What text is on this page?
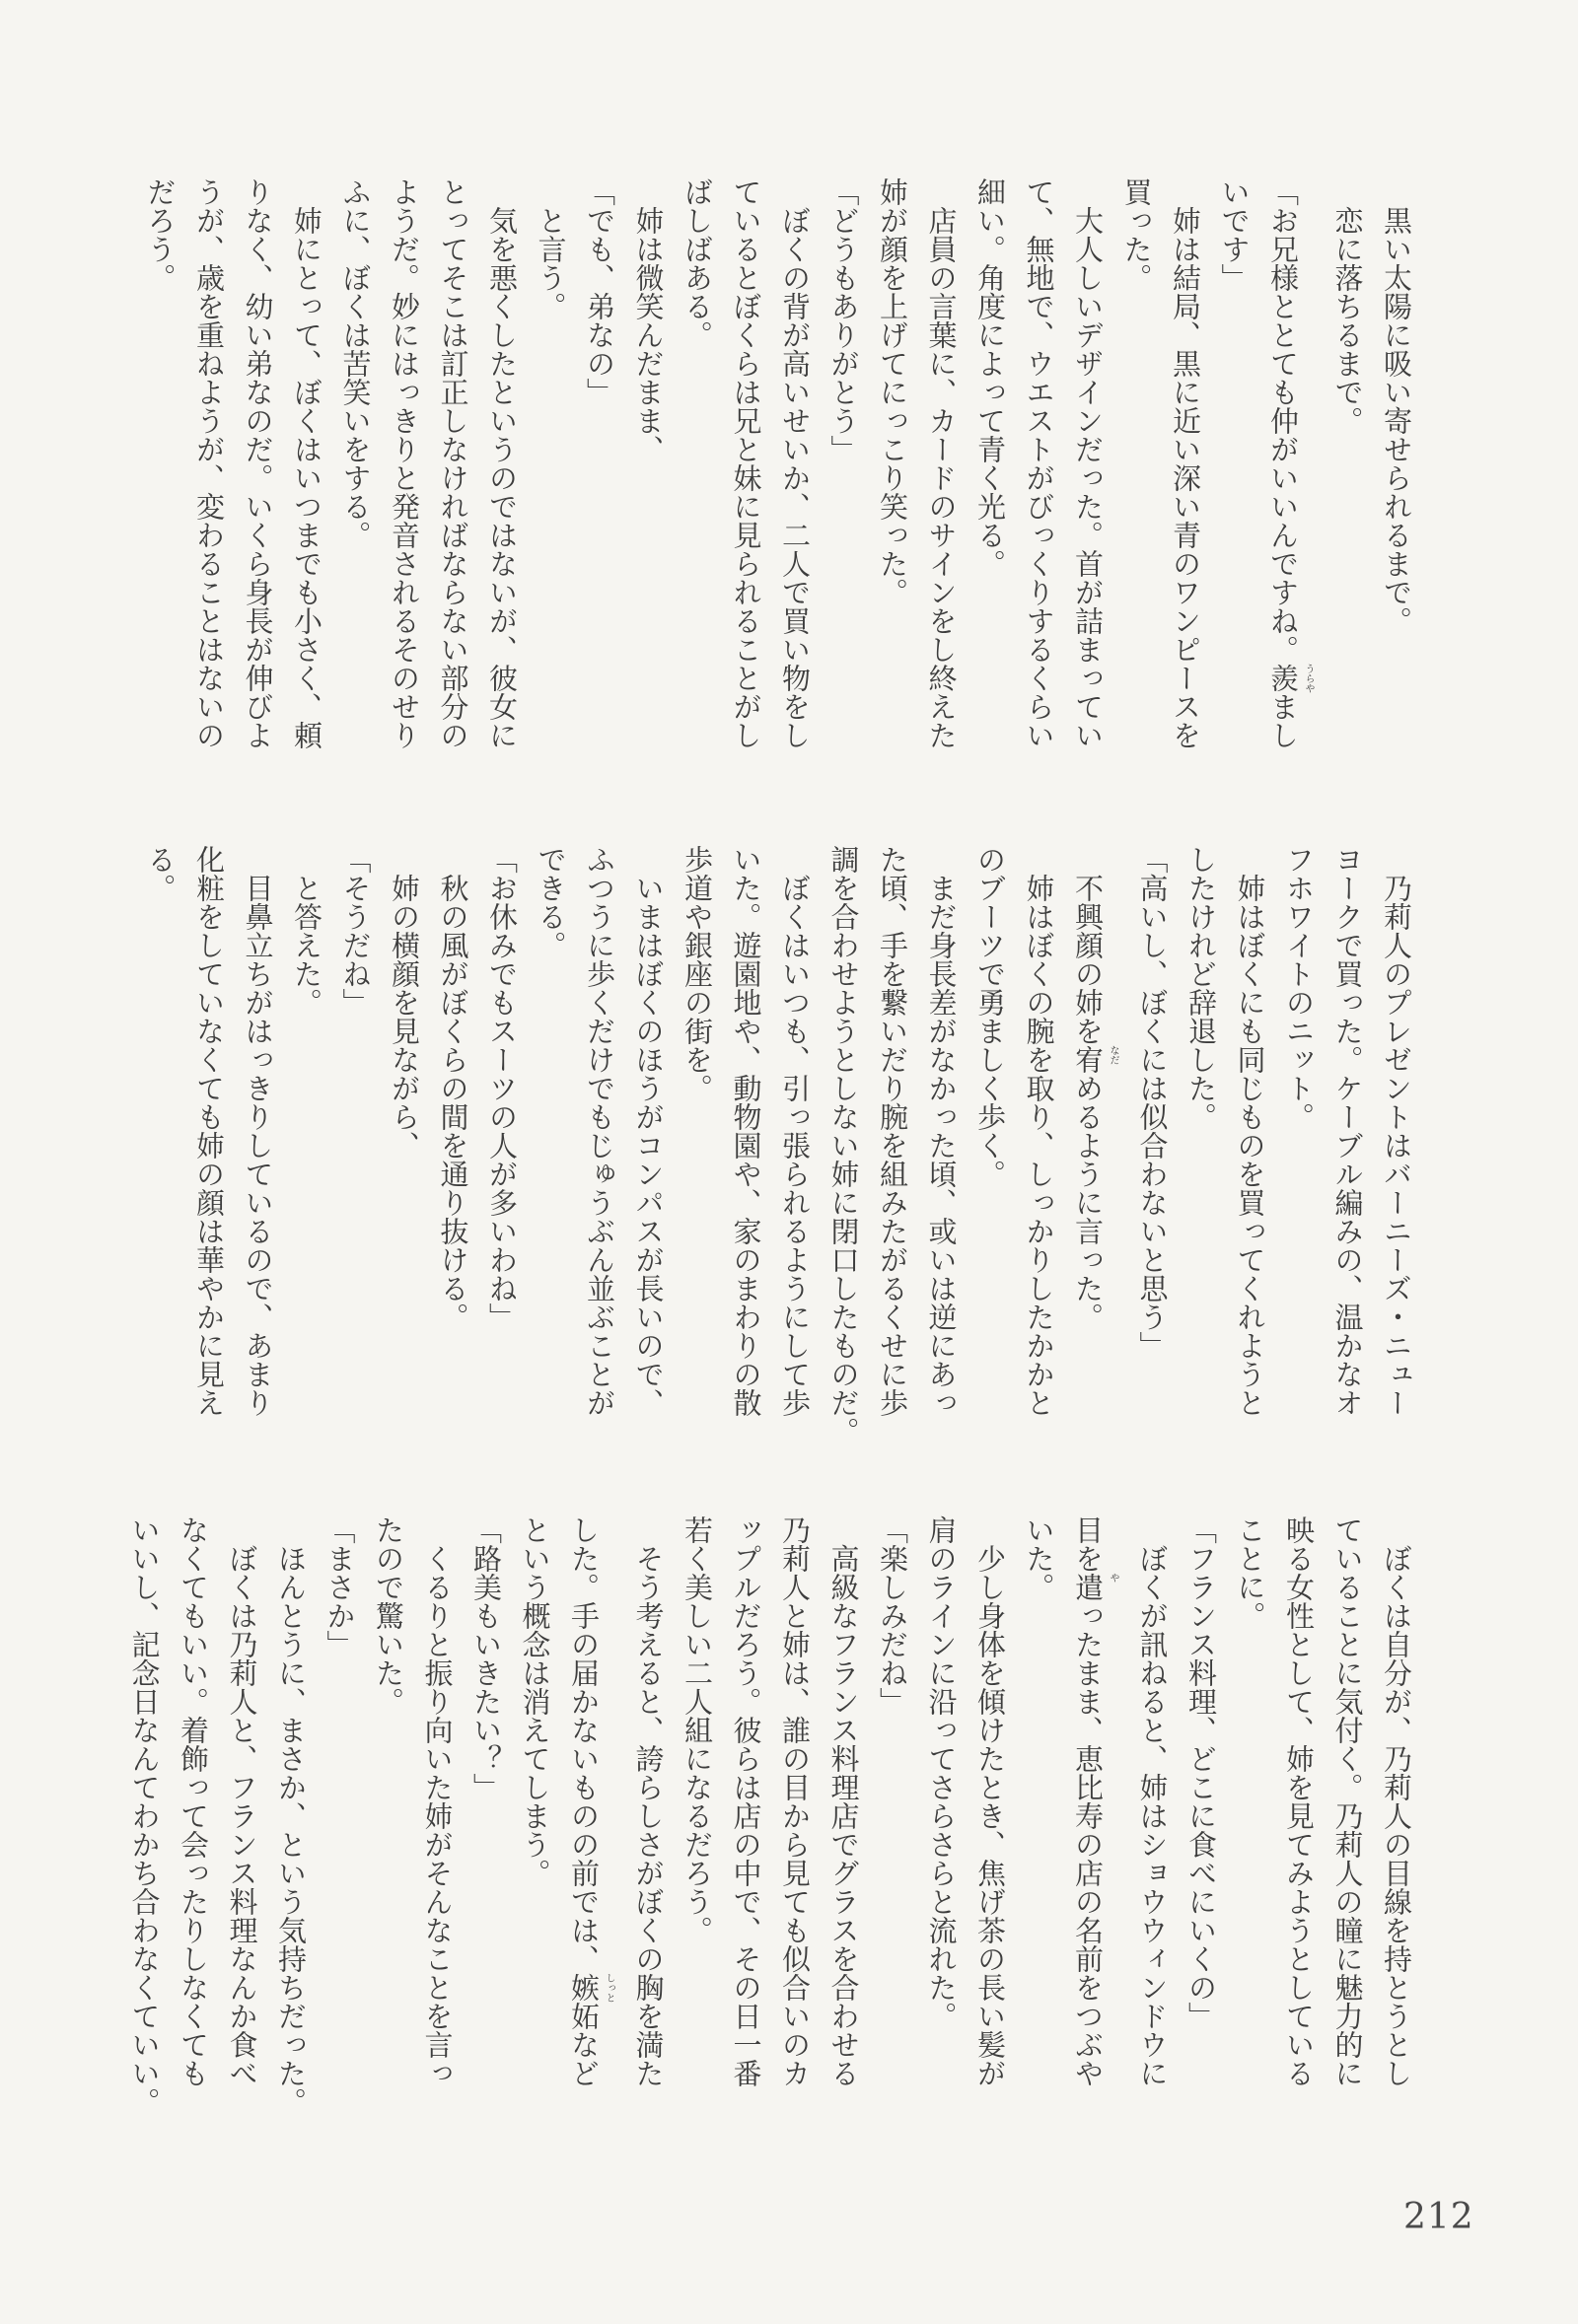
　黒い太陽に吸い寄せられるまで。
　恋に落ちるまで。
「お兄様ととても仲がいいんですね。羨 うらや
まし
いです」
　姉は結局、黒に近い深い青のワンピースを
買った。
　大人しいデザインだった。首が詰まってい
て、無地で、ウエストがびっくりするくらい
細い。角度によって青く光る。
　店員の言葉に、カードのサインをし終えた
姉が顔を上げてにっこり笑った。
「どうもありがとう」
　ぼくの背が高いせいか、二人で買い物をし
ているとぼくらは兄と妹に見られることがし
ばしばある。
　姉は微笑んだまま、
「でも、弟なの」
　と言う。
　気を悪くしたというのではないが、彼女に
とってそこは訂正しなければならない部分の
ようだ。妙にはっきりと発音されるそのせり
ふに、ぼくは苦笑いをする。
　姉にとって、ぼくはいつまでも小さく、頼
りなく、幼い弟なのだ。いくら身長が伸びよ
うが、歳を重ねようが、変わることはないの
だろう。
　乃莉人のプレゼントはバーニーズ・ニュー
ヨークで買った。ケーブル編みの、温かなオ
フホワイトのニット。
　姉はぼくにも同じものを買ってくれようと
したけれど辞退した。
「高いし、ぼくには似合わないと思う」
　不興顔の姉を宥 なだ
めるように言った。
　姉はぼくの腕を取り、しっかりしたかかと
のブーツで勇ましく歩く。
　まだ身長差がなかった頃、或いは逆にあっ
た頃、手を繋いだり腕を組みたがるくせに歩
調を合わせようとしない姉に閉口したものだ。
　ぼくはいつも、引っ張られるようにして歩
いた。遊園地や、動物園や、家のまわりの散
歩道や銀座の街を。
　いまはぼくのほうがコンパスが長いので、
ふつうに歩くだけでもじゅうぶん並ぶことが
できる。
「お休みでもスーツの人が多いわね」
　秋の風がぼくらの間を通り抜ける。
　姉の横顔を見ながら、
「そうだね」
　と答えた。
　目鼻立ちがはっきりしているので、あまり
化粧をしていなくても姉の顔は華やかに見え
る。
　ぼくは自分が、乃莉人の目線を持とうとし
ていることに気付く。乃莉人の瞳に魅力的に
映る女性として、姉を見てみようとしている
ことに。
「フランス料理、どこに食べにいくの」
　ぼくが訊ねると、姉はショウウィンドウに
目を遣 や
ったまま、恵比寿の店の名前をつぶや
いた。
　少し身体を傾けたとき、焦げ茶の長い髪が
肩のラインに沿ってさらさらと流れた。
「楽しみだね」
　高級なフランス料理店でグラスを合わせる
乃莉人と姉は、誰の目から見ても似合いのカ
ップルだろう。彼らは店の中で、その日一番
若く美しい二人組になるだろう。
　そう考えると、誇らしさがぼくの胸を満た
した。手の届かないものの前では、嫉妬 しっと
など
という概念は消えてしまう。
「路美もいきたい？」
　くるりと振り向いた姉がそんなことを言っ
たので驚いた。
「まさか」
　ほんとうに、まさか、という気持ちだった。
　ぼくは乃莉人と、フランス料理なんか食べ
なくてもいい。着飾って会ったりしなくても
いいし、記念日なんてわかち合わなくていい。
212
